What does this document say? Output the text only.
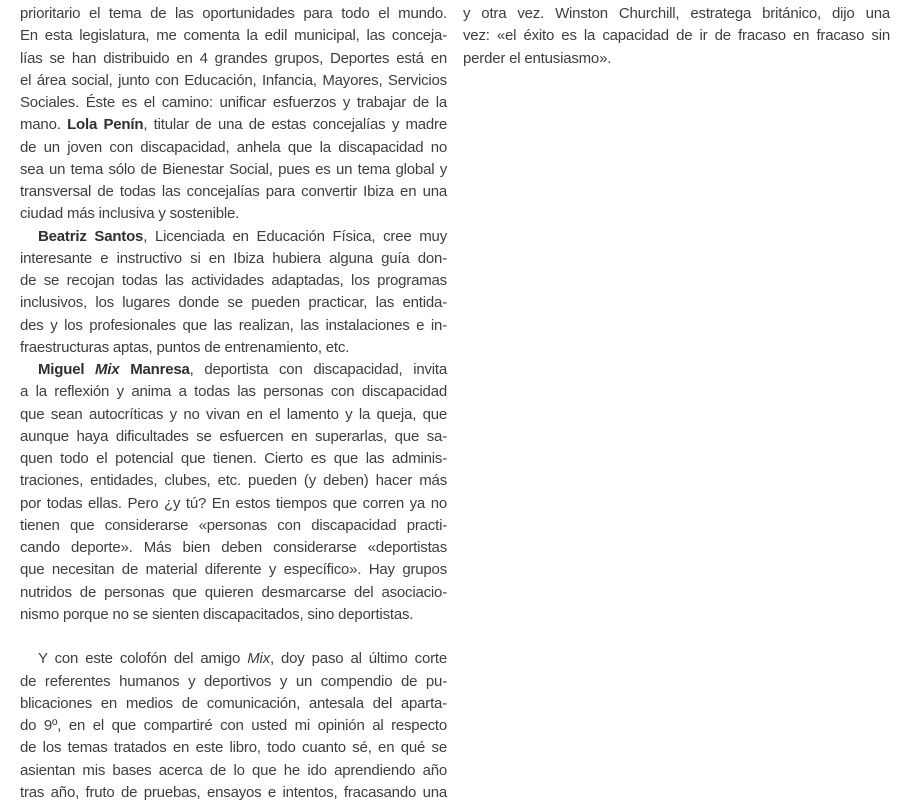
prioritario el tema de las oportunidades para todo el mundo.
En esta legislatura, me comenta la edil municipal, las conceja-
lías se han distribuido en 4 grandes grupos, Deportes está en
el área social, junto con Educación, Infancia, Mayores, Servicios
Sociales. Éste es el camino: unificar esfuerzos y trabajar de la
mano. Lola Penín, titular de una de estas concejalías y madre
de un joven con discapacidad, anhela que la discapacidad no
sea un tema sólo de Bienestar Social, pues es un tema global y
transversal de todas las concejalías para convertir Ibiza en una
ciudad más inclusiva y sostenible.
Beatriz Santos, Licenciada en Educación Física, cree muy
interesante e instructivo si en Ibiza hubiera alguna guía don-
de se recojan todas las actividades adaptadas, los programas
inclusivos, los lugares donde se pueden practicar, las entida-
des y los profesionales que las realizan, las instalaciones e in-
fraestructuras aptas, puntos de entrenamiento, etc.
Miguel Mix Manresa, deportista con discapacidad, invita
a la reflexión y anima a todas las personas con discapacidad
que sean autocríticas y no vivan en el lamento y la queja, que
aunque haya dificultades se esfuercen en superarlas, que sa-
quen todo el potencial que tienen. Cierto es que las adminis-
traciones, entidades, clubes, etc. pueden (y deben) hacer más
por todas ellas. Pero ¿y tú? En estos tiempos que corren ya no
tienen que considerarse «personas con discapacidad practi-
cando deporte». Más bien deben considerarse «deportistas
que necesitan de material diferente y específico». Hay grupos
nutridos de personas que quieren desmarcarse del asociacio-
nismo porque no se sienten discapacitados, sino deportistas.
Y con este colofón del amigo Mix, doy paso al último corte
de referentes humanos y deportivos y un compendio de pu-
blicaciones en medios de comunicación, antesala del aparta-
do 9º, en el que compartiré con usted mi opinión al respecto
de los temas tratados en este libro, todo cuanto sé, en qué se
asientan mis bases acerca de lo que he ido aprendiendo año
tras año, fruto de pruebas, ensayos e intentos, fracasando una
y otra vez. Winston Churchill, estratega británico, dijo una
vez: «el éxito es la capacidad de ir de fracaso en fracaso sin
perder el entusiasmo».
